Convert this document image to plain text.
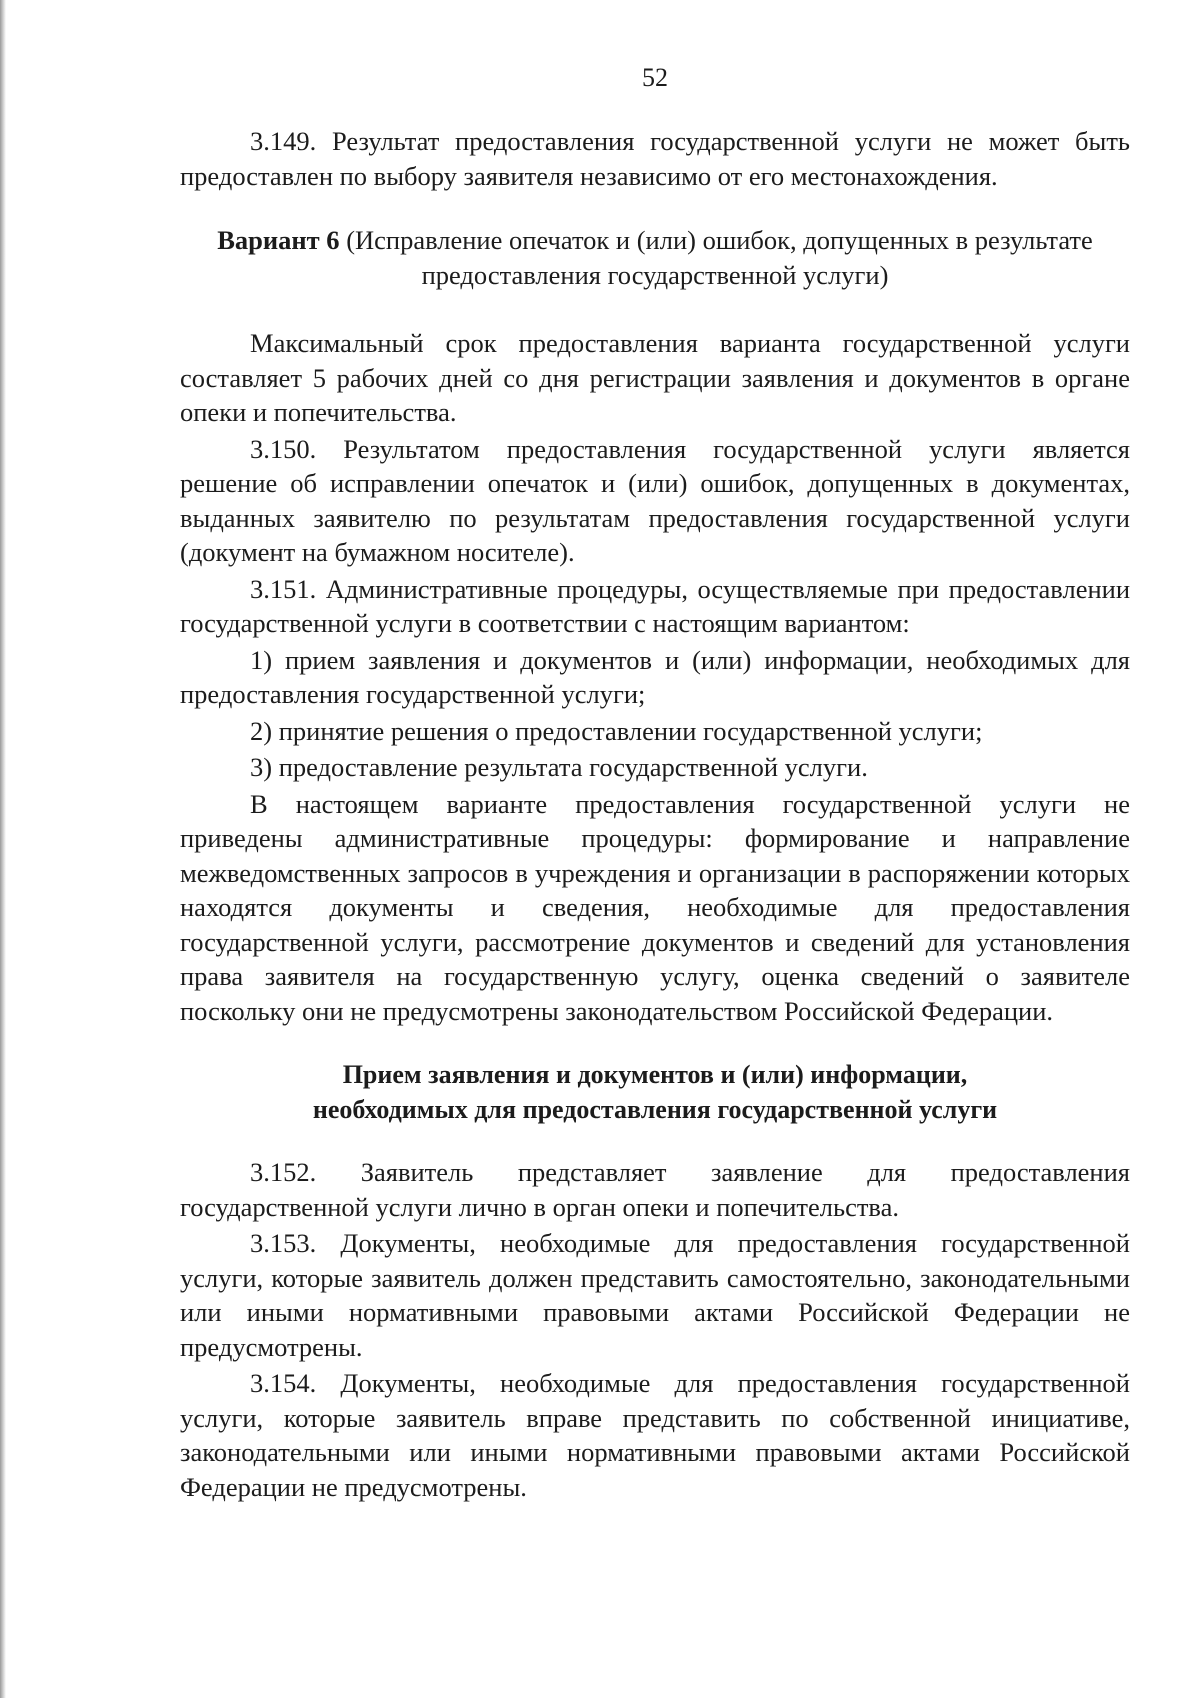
52

3.149. Результат предоставления государственной услуги не может быть предоставлен по выбору заявителя независимо от его местонахождения.

Вариант 6 (Исправление опечаток и (или) ошибок, допущенных в результате предоставления государственной услуги)

Максимальный срок предоставления варианта государственной услуги составляет 5 рабочих дней со дня регистрации заявления и документов в органе опеки и попечительства.

3.150. Результатом предоставления государственной услуги является решение об исправлении опечаток и (или) ошибок, допущенных в документах, выданных заявителю по результатам предоставления государственной услуги (документ на бумажном носителе).

3.151. Административные процедуры, осуществляемые при предоставлении государственной услуги в соответствии с настоящим вариантом:

1) прием заявления и документов и (или) информации, необходимых для предоставления государственной услуги;

2) принятие решения о предоставлении государственной услуги;

3) предоставление результата государственной услуги.

В настоящем варианте предоставления государственной услуги не приведены административные процедуры: формирование и направление межведомственных запросов в учреждения и организации в распоряжении которых находятся документы и сведения, необходимые для предоставления государственной услуги, рассмотрение документов и сведений для установления права заявителя на государственную услугу, оценка сведений о заявителе поскольку они не предусмотрены законодательством Российской Федерации.

Прием заявления и документов и (или) информации,
необходимых для предоставления государственной услуги

3.152. Заявитель представляет заявление для предоставления государственной услуги лично в орган опеки и попечительства.

3.153. Документы, необходимые для предоставления государственной услуги, которые заявитель должен представить самостоятельно, законодательными или иными нормативными правовыми актами Российской Федерации не предусмотрены.

3.154. Документы, необходимые для предоставления государственной услуги, которые заявитель вправе представить по собственной инициативе, законодательными или иными нормативными правовыми актами Российской Федерации не предусмотрены.
